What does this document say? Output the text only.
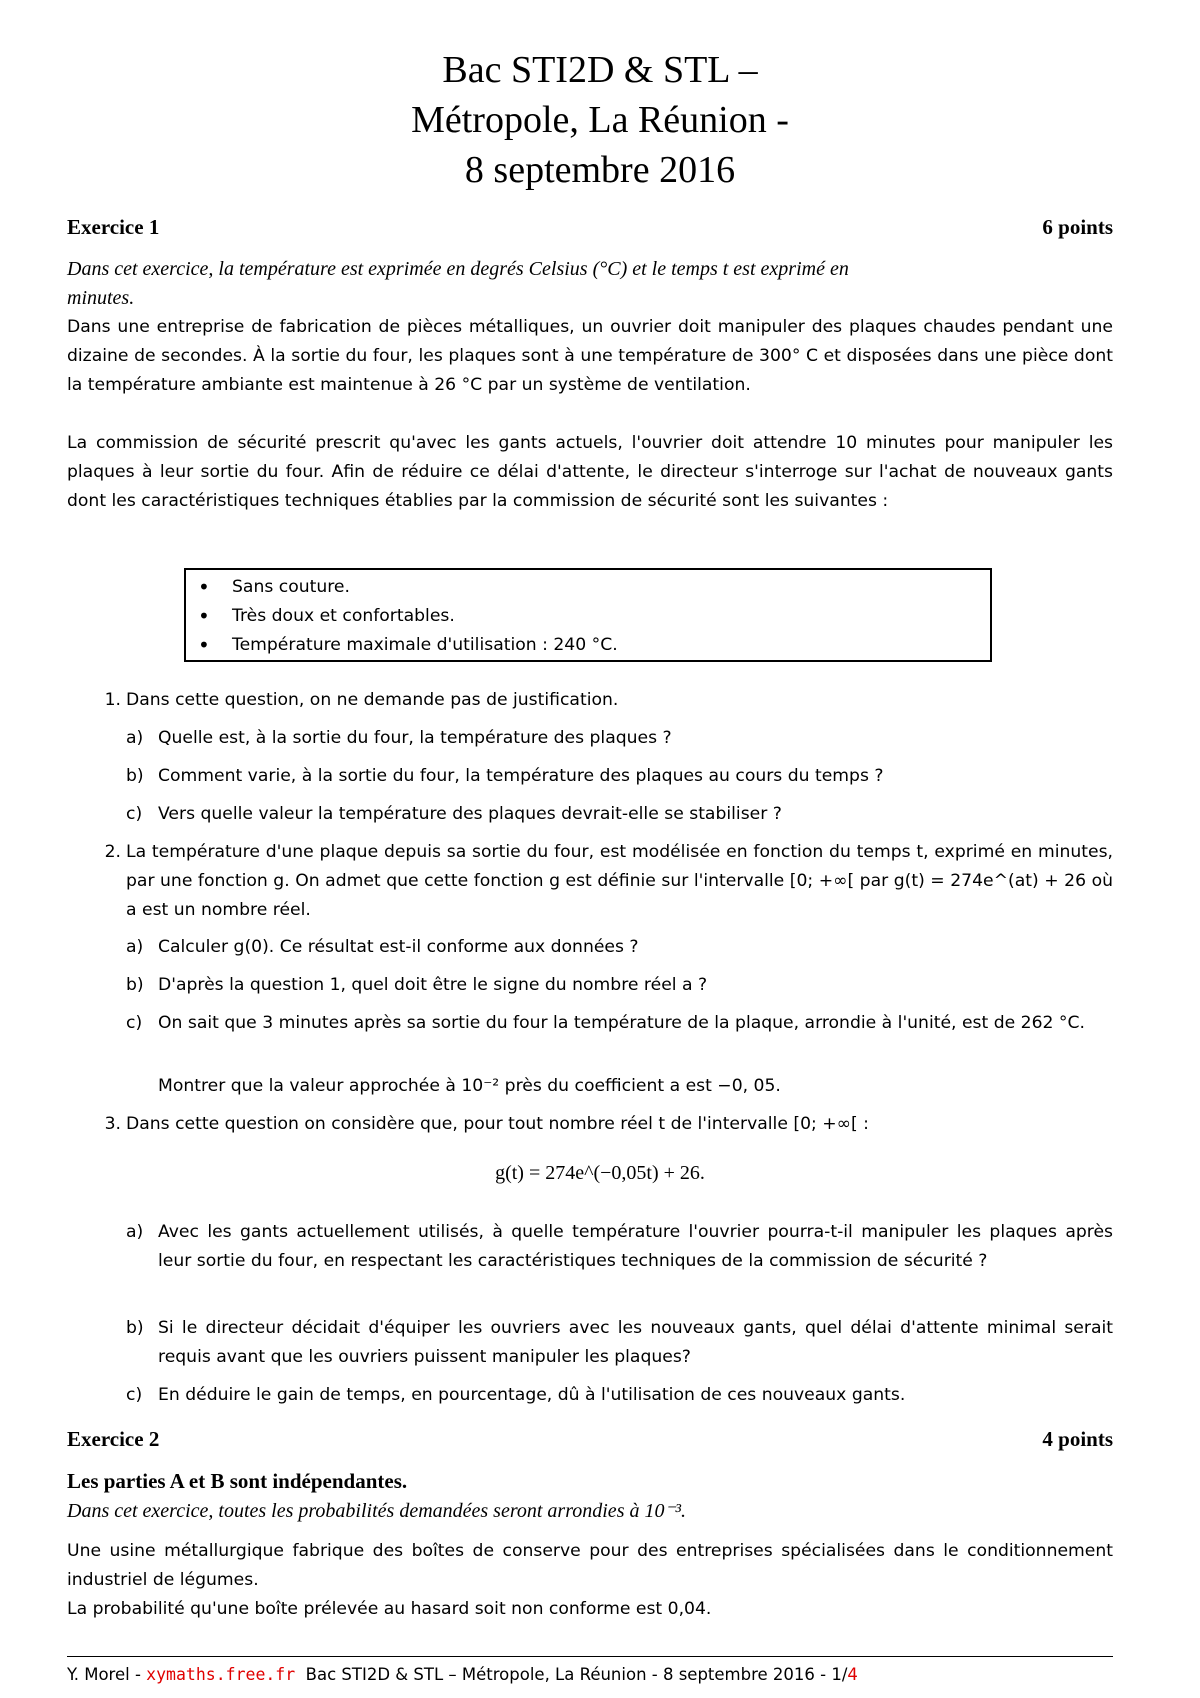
Bac STI2D & STL –
Métropole, La Réunion -
8 septembre 2016
Exercice 1	6 points
Dans cet exercice, la température est exprimée en degrés Celsius (°C) et le temps t est exprimé en
minutes.
Dans une entreprise de fabrication de pièces métalliques, un ouvrier doit manipuler des plaques chaudes pendant une dizaine de secondes. À la sortie du four, les plaques sont à une température de 300° C et disposées dans une pièce dont la température ambiante est maintenue à 26 °C par un système de ventilation.
La commission de sécurité prescrit qu'avec les gants actuels, l'ouvrier doit attendre 10 minutes pour manipuler les plaques à leur sortie du four. Afin de réduire ce délai d'attente, le directeur s'interroge sur l'achat de nouveaux gants dont les caractéristiques techniques établies par la commission de sécurité sont les suivantes :
• Sans couture.
• Très doux et confortables.
• Température maximale d'utilisation : 240 °C.
1. Dans cette question, on ne demande pas de justification.
a) Quelle est, à la sortie du four, la température des plaques ?
b) Comment varie, à la sortie du four, la température des plaques au cours du temps ?
c) Vers quelle valeur la température des plaques devrait-elle se stabiliser ?
2. La température d'une plaque depuis sa sortie du four, est modélisée en fonction du temps t, exprimé en minutes, par une fonction g. On admet que cette fonction g est définie sur l'intervalle [0; +∞[ par g(t) = 274e^(at) + 26 où a est un nombre réel.
a) Calculer g(0). Ce résultat est-il conforme aux données ?
b) D'après la question 1, quel doit être le signe du nombre réel a ?
c) On sait que 3 minutes après sa sortie du four la température de la plaque, arrondie à l'unité, est de 262 °C.
Montrer que la valeur approchée à 10⁻² près du coefficient a est −0, 05.
3. Dans cette question on considère que, pour tout nombre réel t de l'intervalle [0; +∞[ :
g(t) = 274e^(−0,05t) + 26.
a) Avec les gants actuellement utilisés, à quelle température l'ouvrier pourra-t-il manipuler les plaques après leur sortie du four, en respectant les caractéristiques techniques de la commission de sécurité ?
b) Si le directeur décidait d'équiper les ouvriers avec les nouveaux gants, quel délai d'attente minimal serait requis avant que les ouvriers puissent manipuler les plaques?
c) En déduire le gain de temps, en pourcentage, dû à l'utilisation de ces nouveaux gants.
Exercice 2	4 points
Les parties A et B sont indépendantes.
Dans cet exercice, toutes les probabilités demandées seront arrondies à 10⁻³.
Une usine métallurgique fabrique des boîtes de conserve pour des entreprises spécialisées dans le conditionnement industriel de légumes.
La probabilité qu'une boîte prélevée au hasard soit non conforme est 0,04.
Y. Morel - xymaths.free.fr  Bac STI2D & STL – Métropole, La Réunion - 8 septembre 2016 - 1/4
